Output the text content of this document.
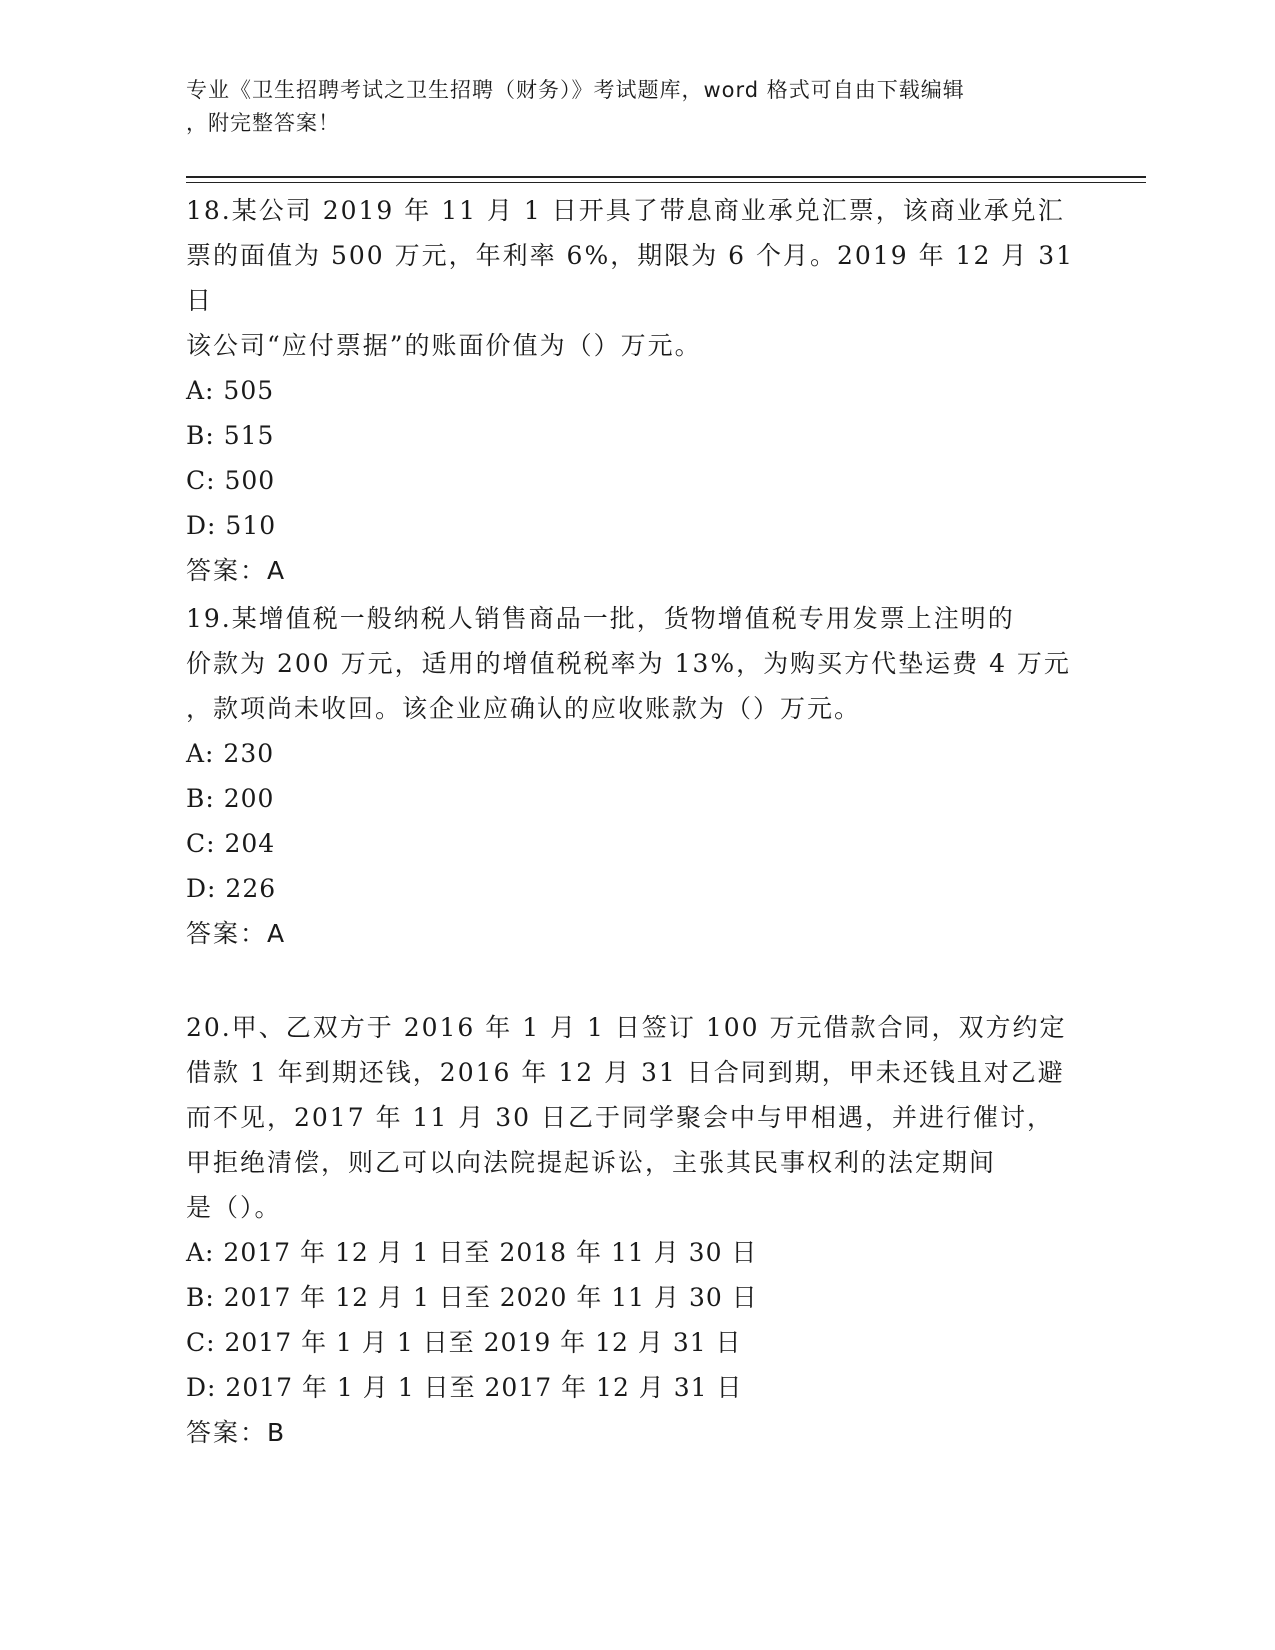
专业《卫生招聘考试之卫生招聘（财务）》考试题库，word 格式可自由下载编辑
，附完整答案！

18.某公司 2019 年 11 月 1 日开具了带息商业承兑汇票，该商业承兑汇

票的面值为 500 万元，年利率 6%，期限为 6 个月。2019 年 12 月 31 日

该公司“应付票据”的账面价值为（）万元。

A: 505

B: 515

C: 500

D: 510

答案：A

19.某增值税一般纳税人销售商品一批，货物增值税专用发票上注明的

价款为 200 万元，适用的增值税税率为 13%，为购买方代垫运费 4 万元

，款项尚未收回。该企业应确认的应收账款为（）万元。

A: 230

B: 200

C: 204

D: 226

答案：A

20.甲、乙双方于 2016 年 1 月 1 日签订 100 万元借款合同，双方约定

借款 1 年到期还钱，2016 年 12 月 31 日合同到期，甲未还钱且对乙避

而不见，2017 年 11 月 30 日乙于同学聚会中与甲相遇，并进行催讨，

甲拒绝清偿，则乙可以向法院提起诉讼，主张其民事权利的法定期间

是（）。

A: 2017 年 12 月 1 日至 2018 年 11 月 30 日

B: 2017 年 12 月 1 日至 2020 年 11 月 30 日

C: 2017 年 1 月 1 日至 2019 年 12 月 31 日

D: 2017 年 1 月 1 日至 2017 年 12 月 31 日

答案：B
